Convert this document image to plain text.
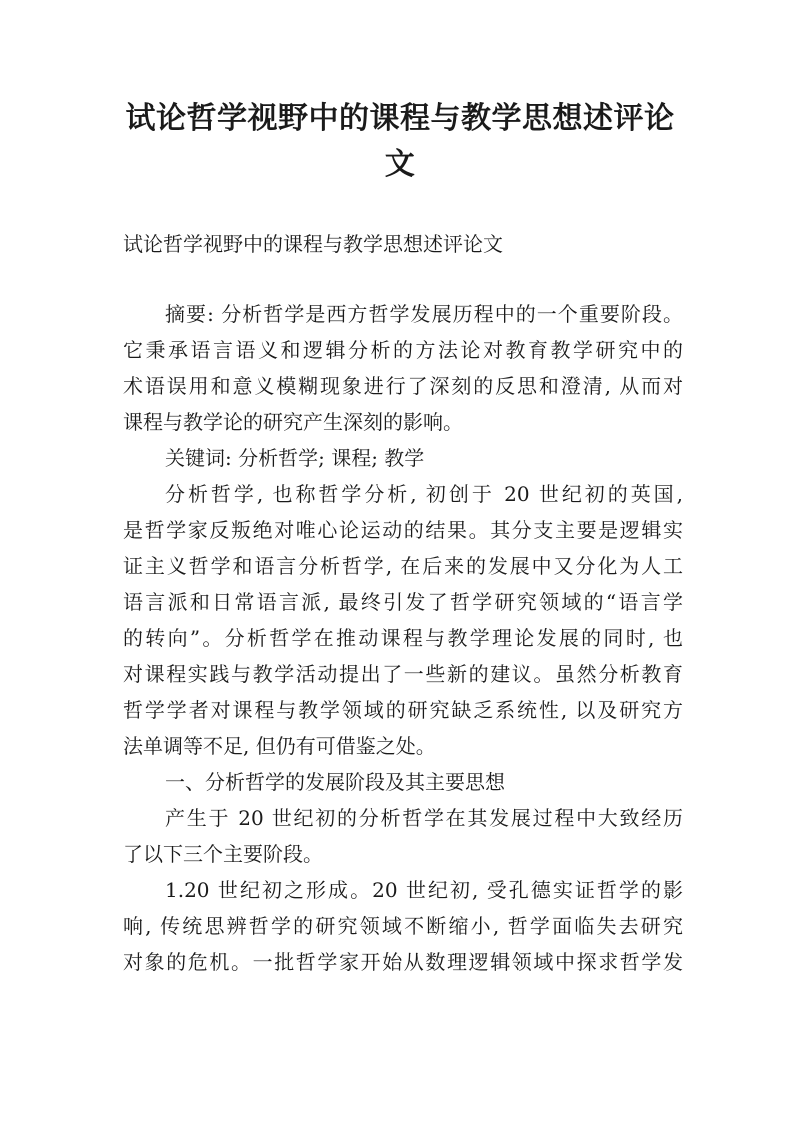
试论哲学视野中的课程与教学思想述评论
文

试论哲学视野中的课程与教学思想述评论文

摘要: 分析哲学是西方哲学发展历程中的一个重要阶段。
它秉承语言语义和逻辑分析的方法论对教育教学研究中的
术语误用和意义模糊现象进行了深刻的反思和澄清, 从而对
课程与教学论的研究产生深刻的影响。
关键词: 分析哲学; 课程; 教学
分析哲学, 也称哲学分析, 初创于 20 世纪初的英国,
是哲学家反叛绝对唯心论运动的结果。其分支主要是逻辑实
证主义哲学和语言分析哲学, 在后来的发展中又分化为人工
语言派和日常语言派, 最终引发了哲学研究领域的“语言学
的转向”。分析哲学在推动课程与教学理论发展的同时, 也
对课程实践与教学活动提出了一些新的建议。虽然分析教育
哲学学者对课程与教学领域的研究缺乏系统性, 以及研究方
法单调等不足, 但仍有可借鉴之处。
一、分析哲学的发展阶段及其主要思想
产生于 20 世纪初的分析哲学在其发展过程中大致经历
了以下三个主要阶段。
1.20 世纪初之形成。20 世纪初, 受孔德实证哲学的影
响, 传统思辨哲学的研究领域不断缩小, 哲学面临失去研究
对象的危机。一批哲学家开始从数理逻辑领域中探求哲学发
